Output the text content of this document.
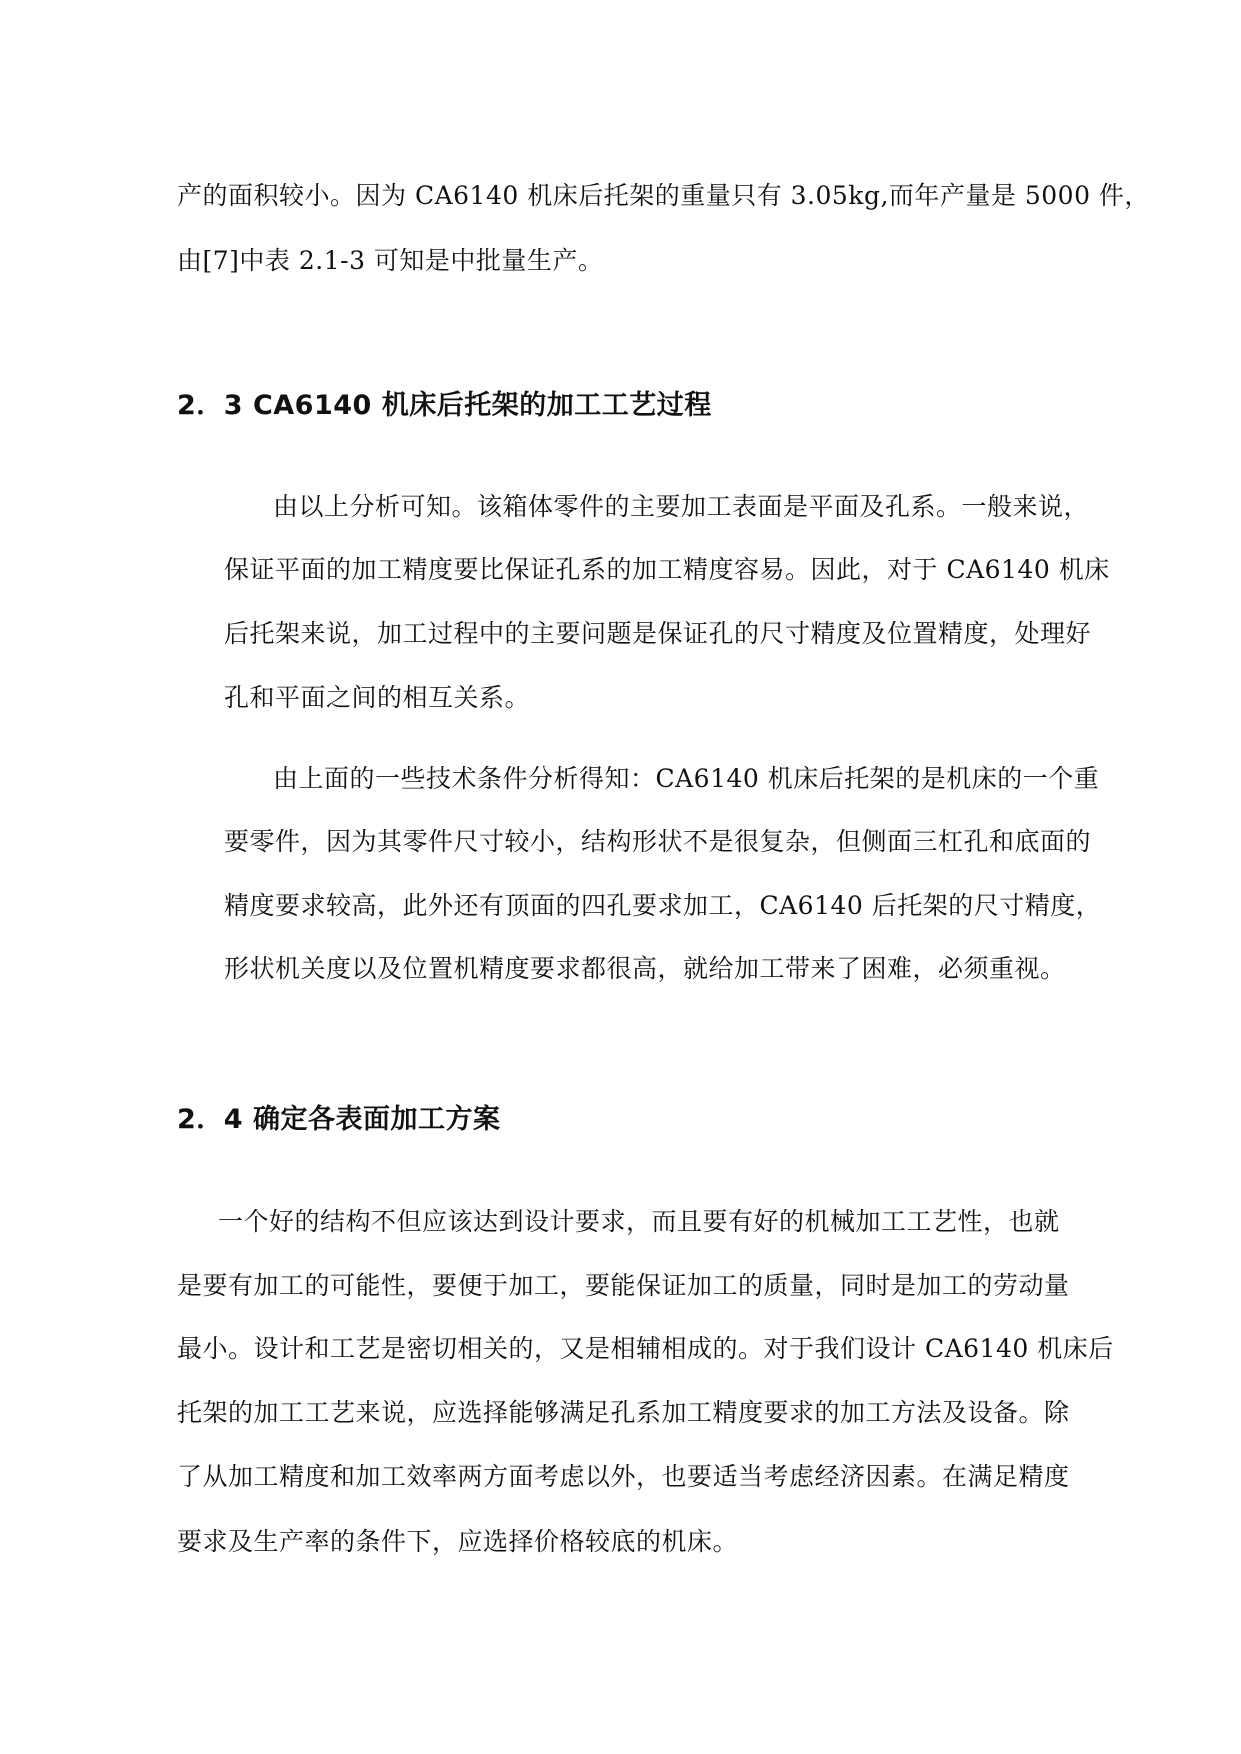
产的面积较小。因为 CA6140 机床后托架的重量只有 3.05kg,而年产量是 5000 件，
由[7]中表 2.1-3 可知是中批量生产。
2．3 CA6140 机床后托架的加工工艺过程
由以上分析可知。该箱体零件的主要加工表面是平面及孔系。一般来说，
保证平面的加工精度要比保证孔系的加工精度容易。因此，对于 CA6140 机床
后托架来说，加工过程中的主要问题是保证孔的尺寸精度及位置精度，处理好
孔和平面之间的相互关系。
由上面的一些技术条件分析得知：CA6140 机床后托架的是机床的一个重
要零件，因为其零件尺寸较小，结构形状不是很复杂，但侧面三杠孔和底面的
精度要求较高，此外还有顶面的四孔要求加工，CA6140 后托架的尺寸精度，
形状机关度以及位置机精度要求都很高，就给加工带来了困难，必须重视。
2．4 确定各表面加工方案
一个好的结构不但应该达到设计要求，而且要有好的机械加工工艺性，也就
是要有加工的可能性，要便于加工，要能保证加工的质量，同时是加工的劳动量
最小。设计和工艺是密切相关的，又是相辅相成的。对于我们设计 CA6140 机床后
托架的加工工艺来说，应选择能够满足孔系加工精度要求的加工方法及设备。除
了从加工精度和加工效率两方面考虑以外，也要适当考虑经济因素。在满足精度
要求及生产率的条件下，应选择价格较底的机床。
